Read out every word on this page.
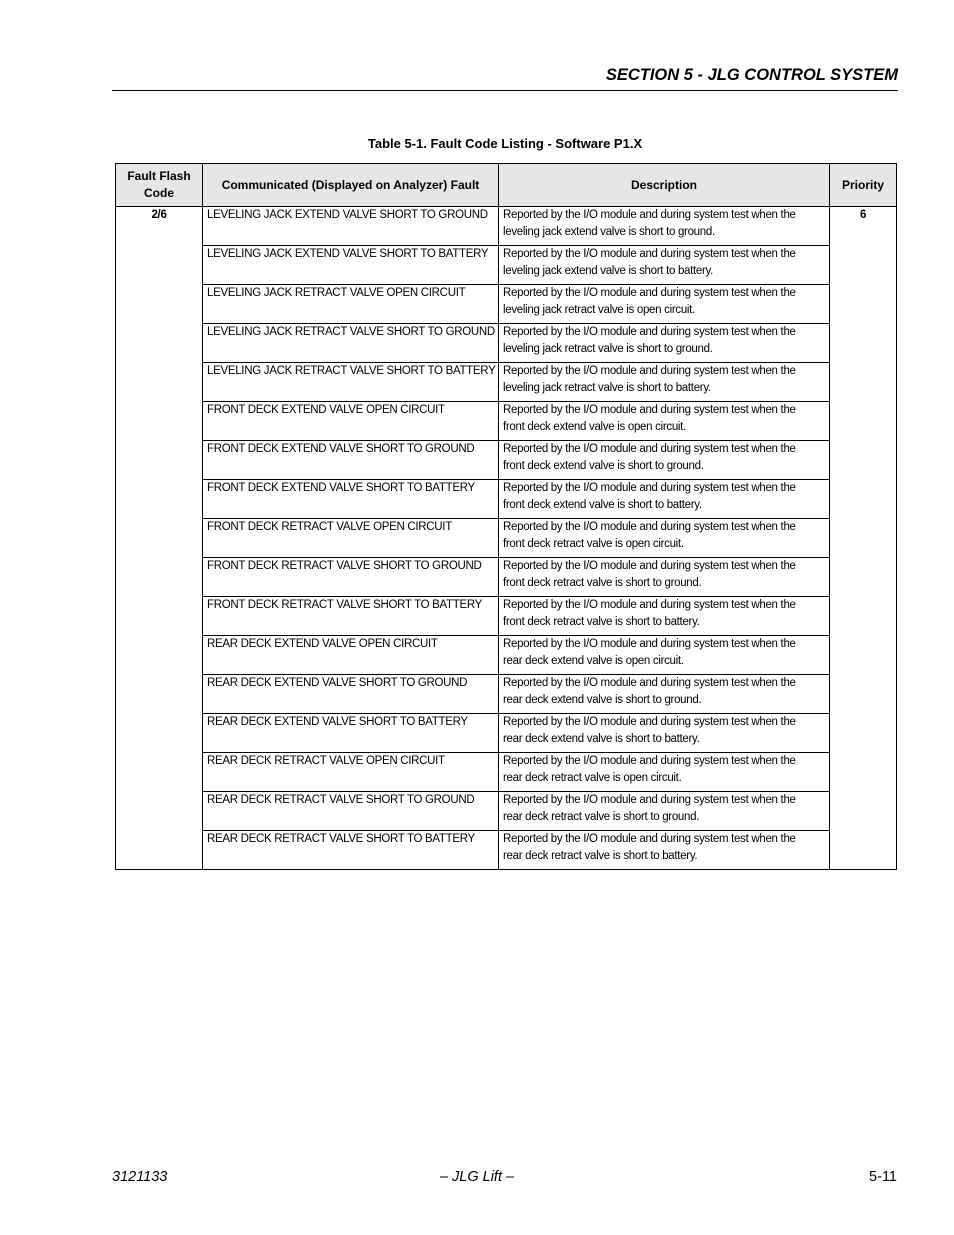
SECTION 5 - JLG CONTROL SYSTEM
Table 5-1. Fault Code Listing - Software P1.X
Fault Flash
Code	Communicated (Displayed on Analyzer) Fault	Description	Priority
2/6	LEVELING JACK EXTEND VALVE SHORT TO GROUND	Reported by the I/O module and during system test when the
leveling jack extend valve is short to ground.	6
	LEVELING JACK EXTEND VALVE SHORT TO BATTERY	Reported by the I/O module and during system test when the
leveling jack extend valve is short to battery.	

	LEVELING JACK RETRACT VALVE OPEN CIRCUIT	Reported by the I/O module and during system test when the
leveling jack retract valve is open circuit.	

	LEVELING JACK RETRACT VALVE SHORT TO GROUND	Reported by the I/O module and during system test when the
leveling jack retract valve is short to ground.	

	LEVELING JACK RETRACT VALVE SHORT TO BATTERY	Reported by the I/O module and during system test when the
leveling jack retract valve is short to battery.	

	FRONT DECK EXTEND VALVE OPEN CIRCUIT	Reported by the I/O module and during system test when the
front deck extend valve is open circuit.	

	FRONT DECK EXTEND VALVE SHORT TO GROUND	Reported by the I/O module and during system test when the
front deck extend valve is short to ground.	

	FRONT DECK EXTEND VALVE SHORT TO BATTERY	Reported by the I/O module and during system test when the
front deck extend valve is short to battery.	

	FRONT DECK RETRACT VALVE OPEN CIRCUIT	Reported by the I/O module and during system test when the
front deck retract valve is open circuit.	

	FRONT DECK RETRACT VALVE SHORT TO GROUND	Reported by the I/O module and during system test when the
front deck retract valve is short to ground.	

	FRONT DECK RETRACT VALVE SHORT TO BATTERY	Reported by the I/O module and during system test when the
front deck retract valve is short to battery.	

	REAR DECK EXTEND VALVE OPEN CIRCUIT	Reported by the I/O module and during system test when the
rear deck extend valve is open circuit.	

	REAR DECK EXTEND VALVE SHORT TO GROUND	Reported by the I/O module and during system test when the
rear deck extend valve is short to ground.	

	REAR DECK EXTEND VALVE SHORT TO BATTERY	Reported by the I/O module and during system test when the
rear deck extend valve is short to battery.	

	REAR DECK RETRACT VALVE OPEN CIRCUIT	Reported by the I/O module and during system test when the
rear deck retract valve is open circuit.	

	REAR DECK RETRACT VALVE SHORT TO GROUND	Reported by the I/O module and during system test when the
rear deck retract valve is short to ground.	

	REAR DECK RETRACT VALVE SHORT TO BATTERY	Reported by the I/O module and during system test when the
rear deck retract valve is short to battery.	
3121133	– JLG Lift –	5-11
